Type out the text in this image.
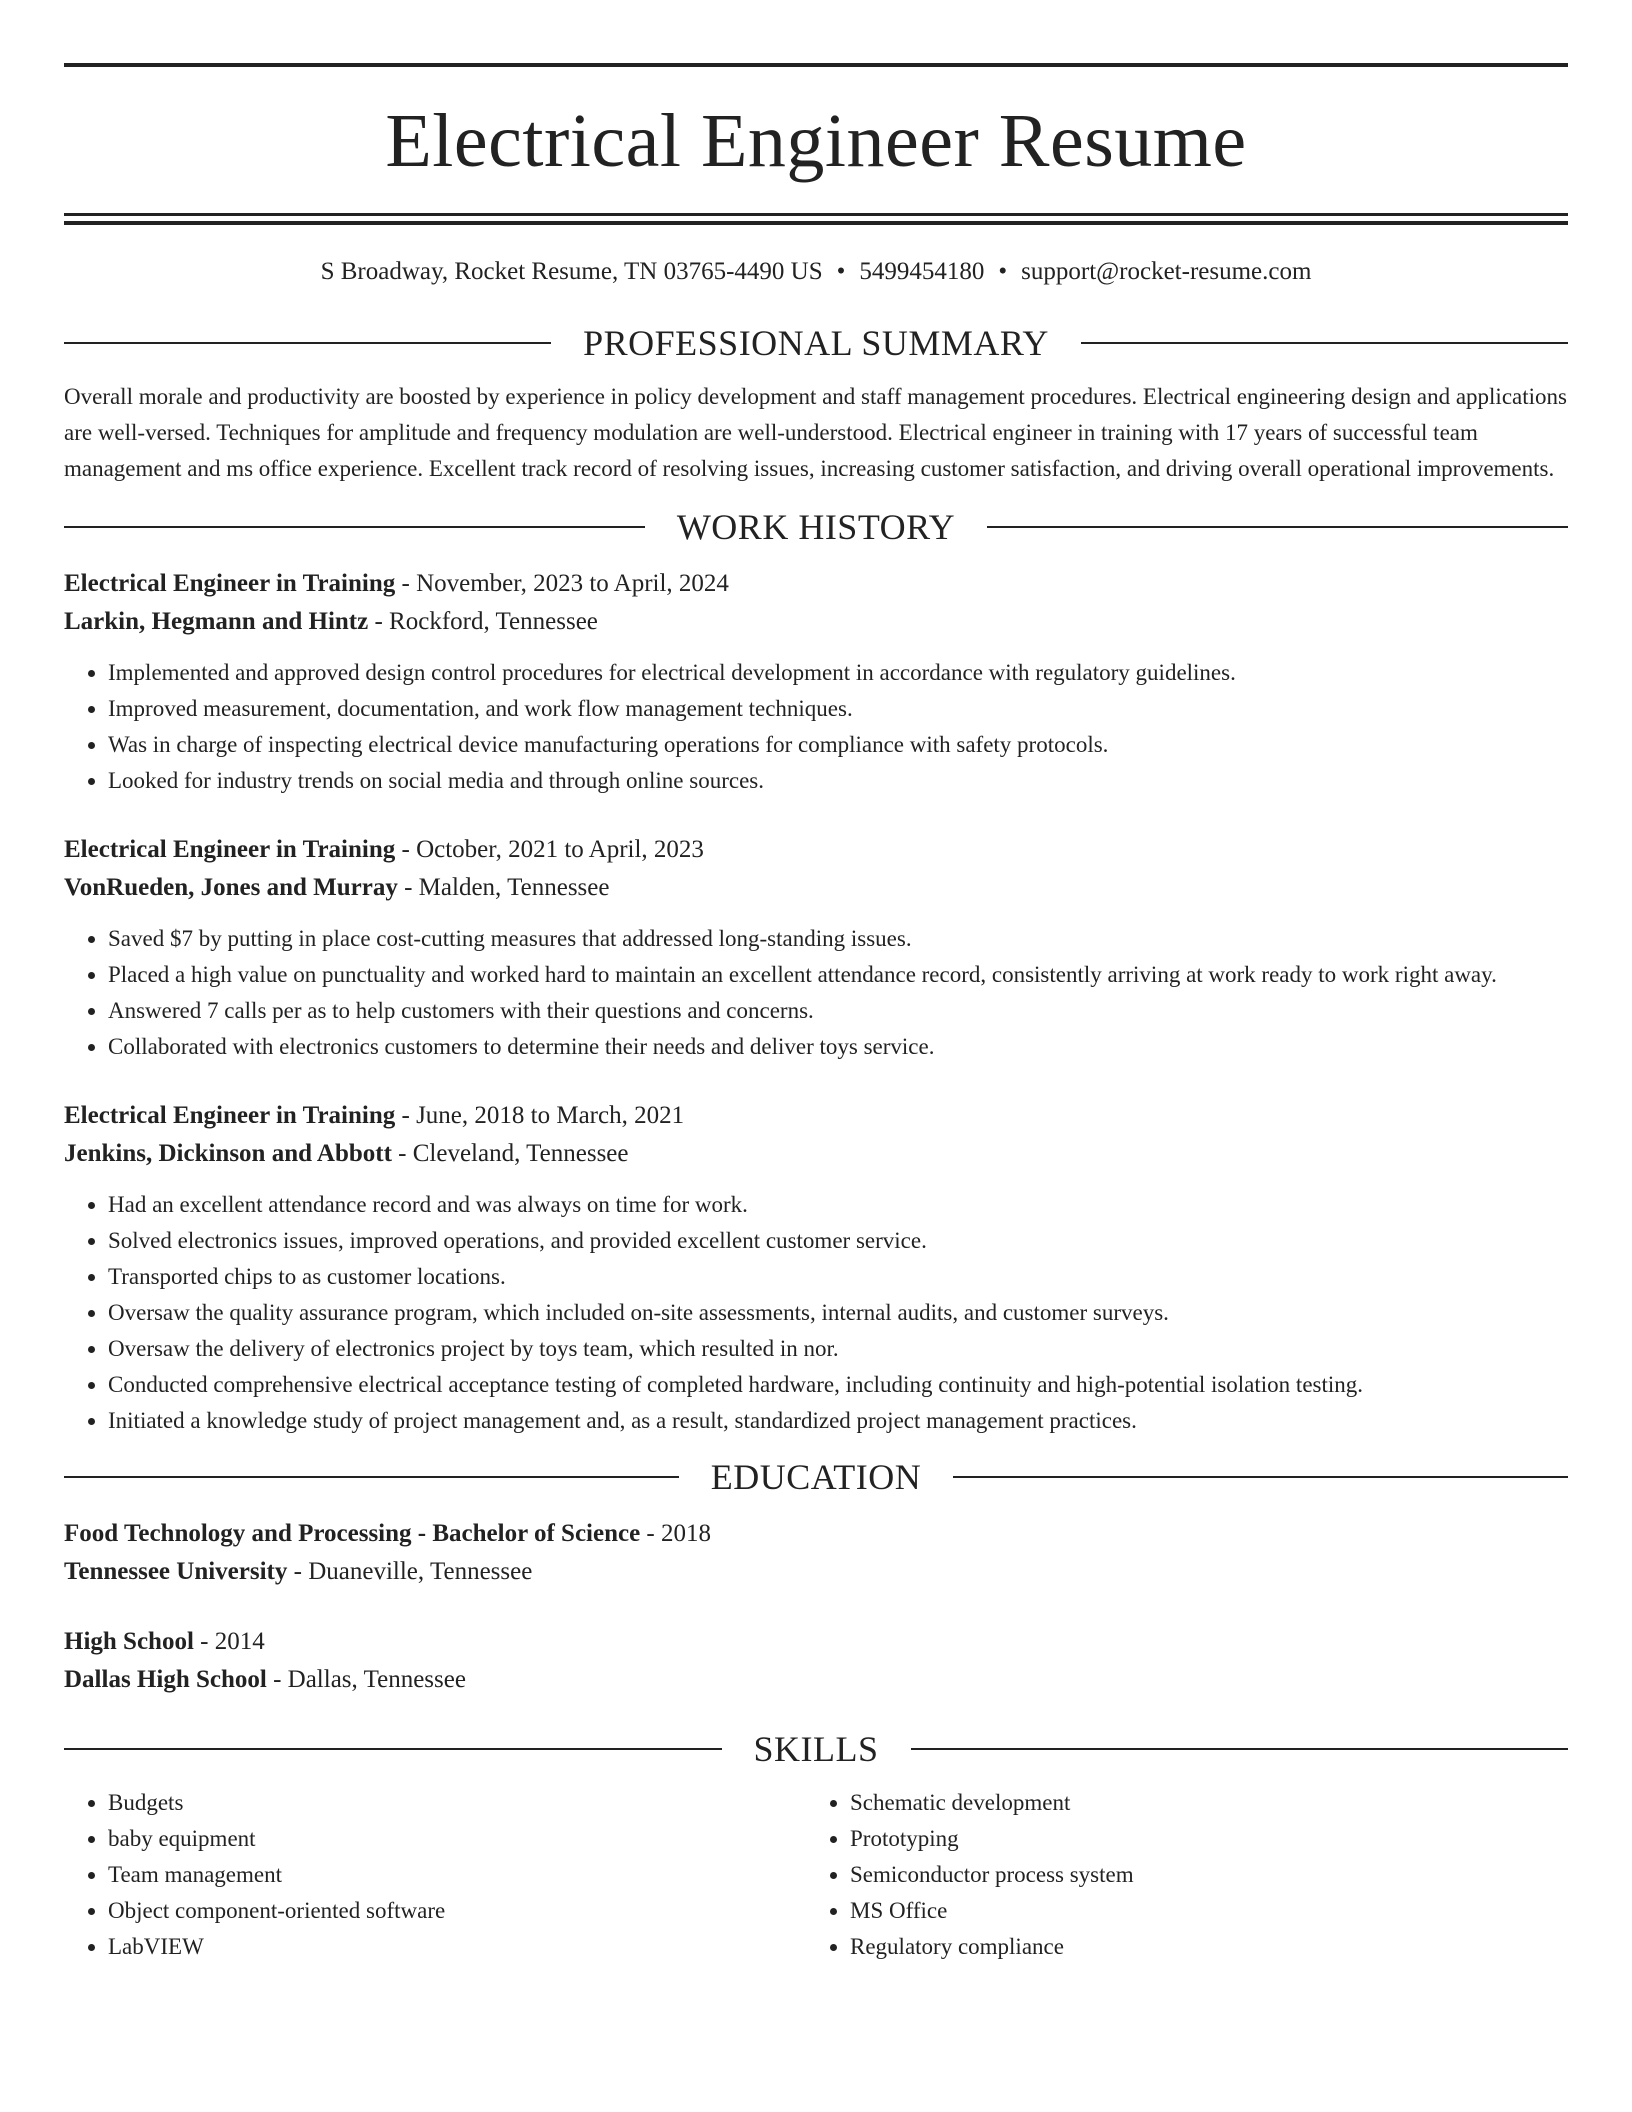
Electrical Engineer Resume
S Broadway, Rocket Resume, TN 03765-4490 US • 5499454180 • support@rocket-resume.com
PROFESSIONAL SUMMARY

Overall morale and productivity are boosted by experience in policy development and staff management procedures. Electrical engineering design and applications are well-versed. Techniques for amplitude and frequency modulation are well-understood. Electrical engineer in training with 17 years of successful team management and ms office experience. Excellent track record of resolving issues, increasing customer satisfaction, and driving overall operational improvements.

WORK HISTORY
Electrical Engineer in Training - November, 2023 to April, 2024
Larkin, Hegmann and Hintz - Rockford, Tennessee
• Implemented and approved design control procedures for electrical development in accordance with regulatory guidelines.
• Improved measurement, documentation, and work flow management techniques.
• Was in charge of inspecting electrical device manufacturing operations for compliance with safety protocols.
• Looked for industry trends on social media and through online sources.
Electrical Engineer in Training - October, 2021 to April, 2023
VonRueden, Jones and Murray - Malden, Tennessee
• Saved $7 by putting in place cost-cutting measures that addressed long-standing issues.
• Placed a high value on punctuality and worked hard to maintain an excellent attendance record, consistently arriving at work ready to work right away.
• Answered 7 calls per as to help customers with their questions and concerns.
• Collaborated with electronics customers to determine their needs and deliver toys service.
Electrical Engineer in Training - June, 2018 to March, 2021
Jenkins, Dickinson and Abbott - Cleveland, Tennessee
• Had an excellent attendance record and was always on time for work.
• Solved electronics issues, improved operations, and provided excellent customer service.
• Transported chips to as customer locations.
• Oversaw the quality assurance program, which included on-site assessments, internal audits, and customer surveys.
• Oversaw the delivery of electronics project by toys team, which resulted in nor.
• Conducted comprehensive electrical acceptance testing of completed hardware, including continuity and high-potential isolation testing.
• Initiated a knowledge study of project management and, as a result, standardized project management practices.
EDUCATION
Food Technology and Processing - Bachelor of Science - 2018
Tennessee University - Duaneville, Tennessee
High School - 2014
Dallas High School - Dallas, Tennessee
SKILLS
• Budgets
• baby equipment
• Team management
• Object component-oriented software
• LabVIEW
• Schematic development
• Prototyping
• Semiconductor process system
• MS Office
• Regulatory compliance
